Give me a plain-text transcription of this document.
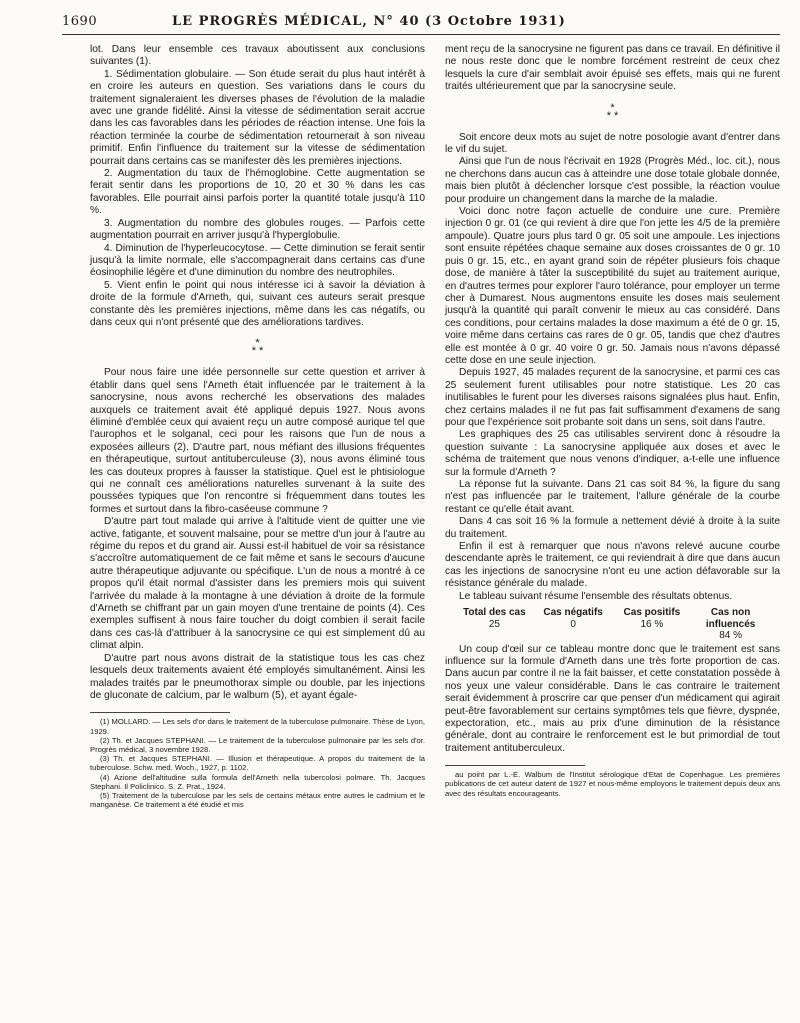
1690	LE PROGRÈS MÉDICAL, N° 40 (3 Octobre 1931)

lot. Dans leur ensemble ces travaux aboutissent aux conclusions suivantes (1).

1. Sédimentation globulaire. — Son étude serait du plus haut intérêt à en croire les auteurs en question. Ses variations dans le cours du traitement signaleraient les diverses phases de l'évolution de la maladie avec une grande fidélité. Ainsi la vitesse de sédimentation serait accrue dans les cas favorables dans les périodes de réaction intense. Une fois la réaction terminée la courbe de sédimentation retournerait à son niveau primitif. Enfin l'influence du traitement sur la vitesse de sédimentation pourrait dans certains cas se manifester dès les premières injections.

2. Augmentation du taux de l'hémoglobine. Cette augmentation se ferait sentir dans les proportions de 10, 20 et 30 % dans les cas favorables. Elle pourrait ainsi parfois porter la quantité totale jusqu'à 110 %.

3. Augmentation du nombre des globules rouges. — Parfois cette augmentation pourrait en arriver jusqu'à l'hyperglobulie.

4. Diminution de l'hyperleucocytose. — Cette diminution se ferait sentir jusqu'à la limite normale, elle s'accompagnerait dans certains cas d'une éosinophilie légère et d'une diminution du nombre des neutrophiles.

5. Vient enfin le point qui nous intéresse ici à savoir la déviation à droite de la formule d'Arneth, qui, suivant ces auteurs serait presque constante dès les premières injections, même dans les cas négatifs, ou dans ceux qui n'ont présenté que des améliorations tardives.

*
* *

Pour nous faire une idée personnelle sur cette question et arriver à établir dans quel sens l'Arneth était influencée par le traitement à la sanocrysine, nous avons recherché les observations des malades auxquels ce traitement avait été appliqué depuis 1927. Nous avons éliminé d'emblée ceux qui avaient reçu un autre composé aurique tel que l'aurophos et le solganal, ceci pour les raisons que l'un de nous a exposées ailleurs (2). D'autre part, nous méfiant des illusions fréquentes en thérapeutique, surtout antituberculeuse (3), nous avons éliminé tous les cas douteux propres à fausser la statistique. Quel est le phtisiologue qui ne connaît ces améliorations naturelles survenant à la suite des poussées typiques que l'on rencontre si fréquemment dans toutes les formes et surtout dans la fibro-caséeuse commune ?

D'autre part tout malade qui arrive à l'altitude vient de quitter une vie active, fatigante, et souvent malsaine, pour se mettre d'un jour à l'autre au régime du repos et du grand air. Aussi est-il habituel de voir sa résistance s'accroître automatiquement de ce fait même et sans le secours d'aucune autre thérapeutique adjuvante ou spécifique. L'un de nous a montré à ce propos qu'il était normal d'assister dans les premiers mois qui suivent l'arrivée du malade à la montagne à une déviation à droite de la formule d'Arneth se chiffrant par un gain moyen d'une trentaine de points (4). Ces exemples suffisent à nous faire toucher du doigt combien il serait facile dans ces cas-là d'attribuer à la sanocrysine ce qui est simplement dû au climat alpin.

D'autre part nous avons distrait de la statistique tous les cas chez lesquels deux traitements avaient été employés simultanément. Ainsi les malades traités par le pneumothorax simple ou double, par les injections de gluconate de calcium, par le walbum (5), et ayant égale-

(1) MOLLARD. — Les sels d'or dans le traitement de la tuberculose pulmonaire. Thèse de Lyon, 1929.
(2) Th. et Jacques STEPHANI. — Le traitement de la tuberculose pulmonaire par les sels d'or. Progrès médical, 3 novembre 1928.
(3) Th. et Jacques STEPHANI. — Illusion et thérapeutique. A propos du traitement de la tuberculose. Schw. med. Woch., 1927, p. 1102.
(4) Azione dell'altitudine sulla formula dell'Arneth nella tubercolosi polmare. Th. Jacques Stephani. Il Policlinico. S. Z. Prat., 1924.
(5) Traitement de la tuberculose par les sels de certains métaux entre autres le cadmium et le manganèse. Ce traitement a été étudié et mis

ment reçu de la sanocrysine ne figurent pas dans ce travail. En définitive il ne nous reste donc que le nombre forcément restreint de ceux chez lesquels la cure d'air semblait avoir épuisé ses effets, mais qui ne furent traités ultérieurement que par la sanocrysine seule.

*
* *

Soit encore deux mots au sujet de notre posologie avant d'entrer dans le vif du sujet.

Ainsi que l'un de nous l'écrivait en 1928 (Progrès Méd., loc. cit.), nous ne cherchons dans aucun cas à atteindre une dose totale globale donnée, mais bien plutôt à déclencher lorsque c'est possible, la réaction voulue pour produire un changement dans la marche de la maladie.

Voici donc notre façon actuelle de conduire une cure. Première injection 0 gr. 01 (ce qui revient à dire que l'on jette les 4/5 de la première ampoule). Quatre jours plus tard 0 gr. 05 soit une ampoule. Les injections sont ensuite répétées chaque semaine aux doses croissantes de 0 gr. 10 puis 0 gr. 15, etc., en ayant grand soin de répéter plusieurs fois chaque dose, de manière à tâter la susceptibilité du sujet au traitement aurique, en d'autres termes pour explorer l'auro tolérance, pour employer un terme cher à Dumarest. Nous augmentons ensuite les doses mais seulement jusqu'à la quantité qui paraît convenir le mieux au cas considéré. Dans ces conditions, pour certains malades la dose maximum a été de 0 gr. 15, voire même dans certains cas rares de 0 gr. 05, tandis que chez d'autres elle est montée à 0 gr. 40 voire 0 gr. 50. Jamais nous n'avons dépassé cette dose en une seule injection.

Depuis 1927, 45 malades reçurent de la sanocrysine, et parmi ces cas 25 seulement furent utilisables pour notre statistique. Les 20 cas inutilisables le furent pour les diverses raisons signalées plus haut. Enfin, chez certains malades il ne fut pas fait suffisamment d'examens de sang pour que l'expérience soit probante soit dans un sens, soit dans l'autre.

Les graphiques des 25 cas utilisables servirent donc à résoudre la question suivante : La sanocrysine appliquée aux doses et avec le schéma de traitement que nous venons d'indiquer, a-t-elle une influence sur la formule d'Arneth ?

La réponse fut la suivante. Dans 21 cas soit 84 %, la figure du sang n'est pas influencée par le traitement, l'allure générale de la courbe restant ce qu'elle était avant.

Dans 4 cas soit 16 % la formule a nettement dévié à droite à la suite du traitement.

Enfin il est à remarquer que nous n'avons relevé aucune courbe descendante après le traitement, ce qui reviendrait à dire que dans aucun cas les injections de sanocrysine n'ont eu une action défavorable sur la résistance générale du malade.

Le tableau suivant résume l'ensemble des résultats obtenus.

Total des cas
25
Cas négatifs
0
Cas positifs
16 %
Cas non influencés
84 %

Un coup d'œil sur ce tableau montre donc que le traitement est sans influence sur la formule d'Arneth dans une très forte proportion de cas. Dans aucun par contre il ne la fait baisser, et cette constatation possède à nos yeux une valeur considérable. Dans le cas contraire le traitement serait évidemment à proscrire car que penser d'un médicament qui agirait peut-être favorablement sur certains symptômes tels que fièvre, dyspnée, expectoration, etc., mais au prix d'une diminution de la résistance générale, dont au contraire le renforcement est le but primordial de tout traitement antituberculeux.

au point par L.-E. Walbum de l'Institut sérologique d'Etat de Copenhague. Les premières publications de cet auteur datent de 1927 et nous-même employons le traitement depuis deux ans avec des résultats encourageants.
